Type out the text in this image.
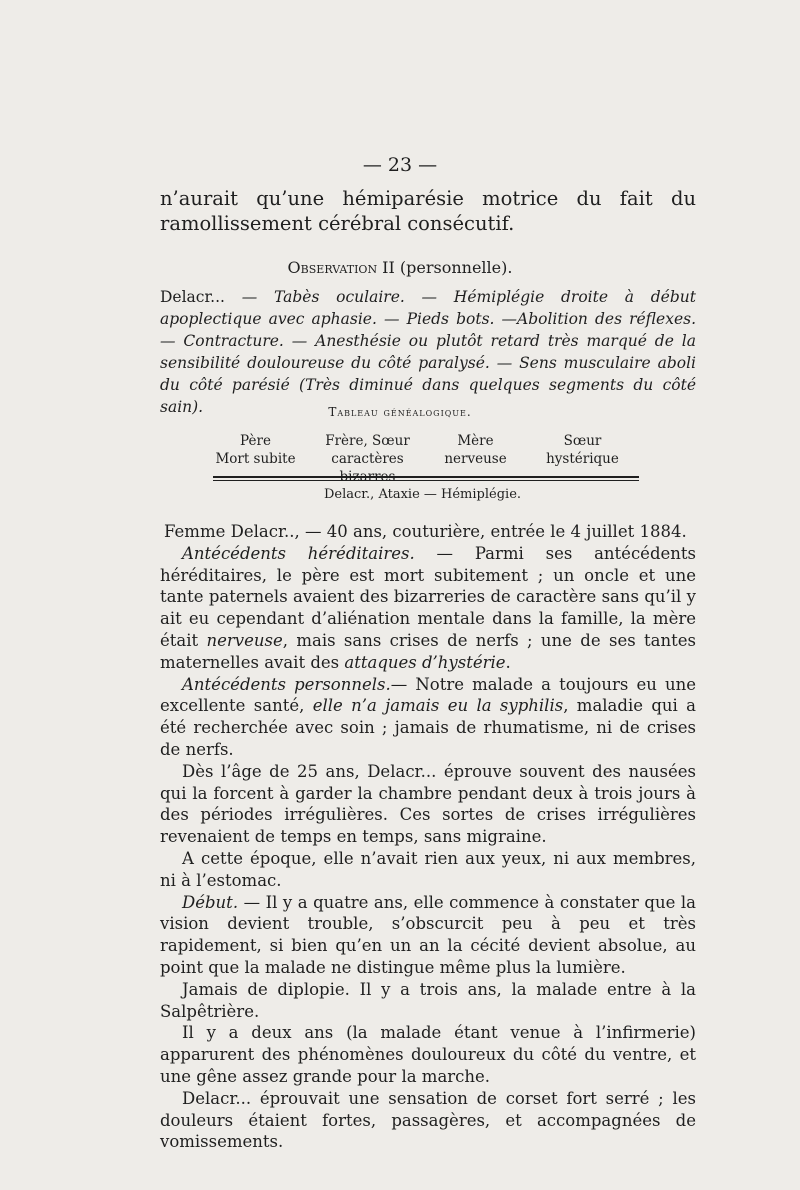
— 23 —
n’aurait qu’une hémiparésie motrice du fait du ramollissement cérébral consécutif.
Observation II (personnelle).
Delacr... — Tabès oculaire. — Hémiplégie droite à début apoplectique avec aphasie. — Pieds bots. —Abolition des réflexes. — Contracture. — Anesthésie ou plutôt retard très marqué de la sensibilité douloureuse du côté paralysé. — Sens musculaire aboli du côté parésié (Très diminué dans quelques segments du côté sain).	Tableau généalogique.
Père
Mort subite
Frère, Sœur
caractères bizarres
Mère
nerveuse
Sœur
hystérique
Delacr., Ataxie — Hémiplégie.

Femme Delacr.., — 40 ans, couturière, entrée le 4 juillet 1884.

Antécédents héréditaires. — Parmi ses antécédents héréditaires, le père est mort subitement ; un oncle et une tante paternels avaient des bizarreries de caractère sans qu’il y ait eu cependant d’aliénation mentale dans la famille, la mère était nerveuse, mais sans crises de nerfs ; une de ses tantes maternelles avait des attaques d’hystérie.

Antécédents personnels.— Notre malade a toujours eu une excellente santé, elle n’a jamais eu la syphilis, maladie qui a été recherchée avec soin ; jamais de rhumatisme, ni de crises de nerfs.

Dès l’âge de 25 ans, Delacr... éprouve souvent des nausées qui la forcent à garder la chambre pendant deux à trois jours à des périodes irrégulières. Ces sortes de crises irrégulières revenaient de temps en temps, sans migraine.

A cette époque, elle n’avait rien aux yeux, ni aux membres, ni à l’estomac.

Début. — Il y a quatre ans, elle commence à constater que la vision devient trouble, s’obscurcit peu à peu et très rapidement, si bien qu’en un an la cécité devient absolue, au point que la malade ne distingue même plus la lumière.

Jamais de diplopie. Il y a trois ans, la malade entre à la Salpêtrière.

Il y a deux ans (la malade étant venue à l’infirmerie) apparurent des phénomènes douloureux du côté du ventre, et une gêne assez grande pour la marche.

Delacr... éprouvait une sensation de corset fort serré ; les douleurs étaient fortes, passagères, et accompagnées de vomissements.
